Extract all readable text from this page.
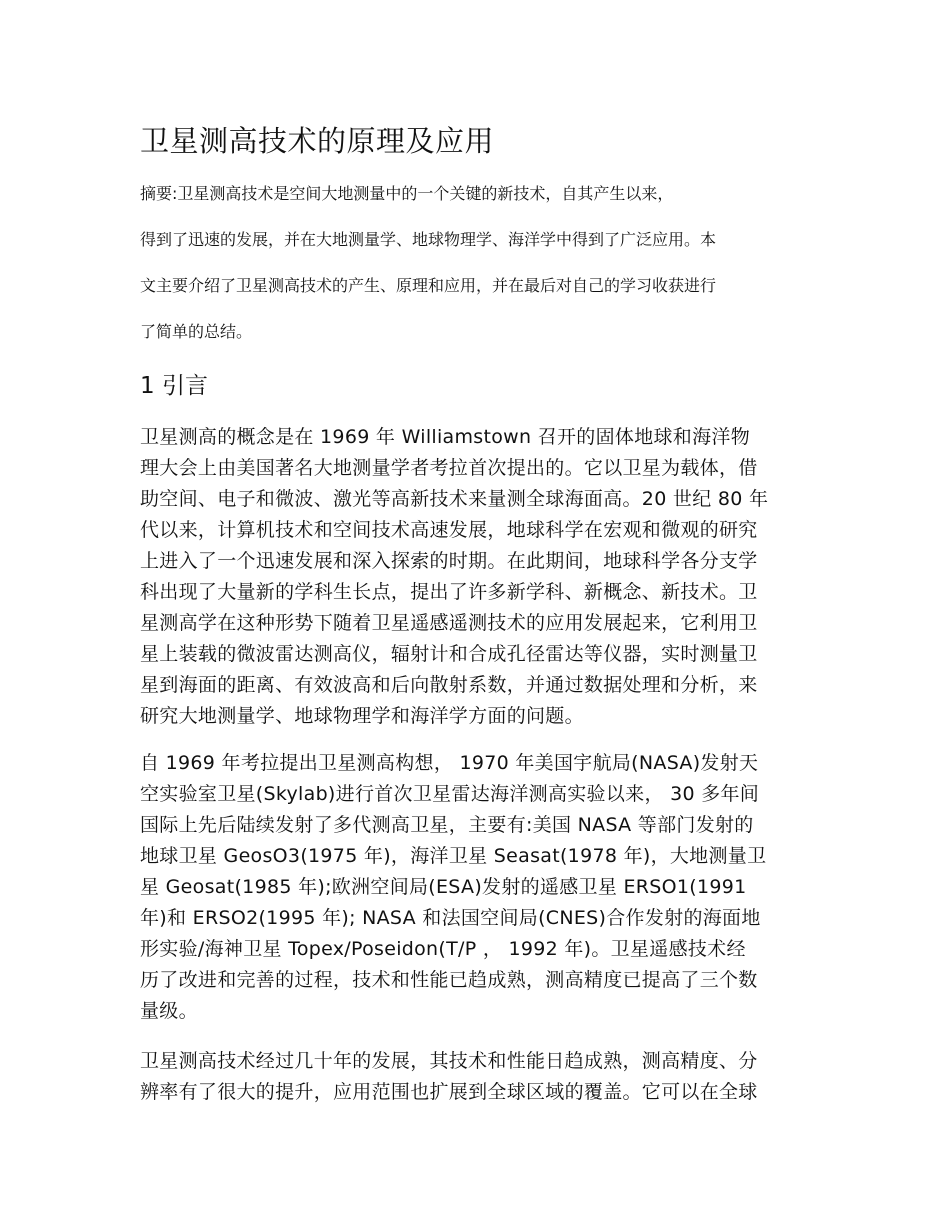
卫星测高技术的原理及应用

摘要:卫星测高技术是空间大地测量中的一个关键的新技术，自其产生以来，

得到了迅速的发展，并在大地测量学、地球物理学、海洋学中得到了广泛应用。本

文主要介绍了卫星测高技术的产生、原理和应用，并在最后对自己的学习收获进行

了简单的总结。

1 引言
卫星测高的概念是在 1969 年 Williamstown 召开的固体地球和海洋物
理大会上由美国著名大地测量学者考拉首次提出的。它以卫星为载体，借
助空间、电子和微波、激光等高新技术来量测全球海面高。20 世纪 80 年
代以来，计算机技术和空间技术高速发展，地球科学在宏观和微观的研究
上进入了一个迅速发展和深入探索的时期。在此期间，地球科学各分支学
科出现了大量新的学科生长点，提出了许多新学科、新概念、新技术。卫
星测高学在这种形势下随着卫星遥感遥测技术的应用发展起来，它利用卫
星上装载的微波雷达测高仪，辐射计和合成孔径雷达等仪器，实时测量卫
星到海面的距离、有效波高和后向散射系数，并通过数据处理和分析，来
研究大地测量学、地球物理学和海洋学方面的问题。
自 1969 年考拉提出卫星测高构想， 1970 年美国宇航局(NASA)发射天
空实验室卫星(Skylab)进行首次卫星雷达海洋测高实验以来， 30 多年间
国际上先后陆续发射了多代测高卫星，主要有:美国 NASA 等部门发射的
地球卫星 GeosO3(1975 年)，海洋卫星 Seasat(1978 年)，大地测量卫
星 Geosat(1985 年);欧洲空间局(ESA)发射的遥感卫星 ERSO1(1991
年)和 ERSO2(1995 年); NASA 和法国空间局(CNES)合作发射的海面地
形实验/海神卫星 Topex/Poseidon(T/P ， 1992 年)。卫星遥感技术经
历了改进和完善的过程，技术和性能已趋成熟，测高精度已提高了三个数
量级。
卫星测高技术经过几十年的发展，其技术和性能日趋成熟，测高精度、分
辨率有了很大的提升，应用范围也扩展到全球区域的覆盖。它可以在全球
